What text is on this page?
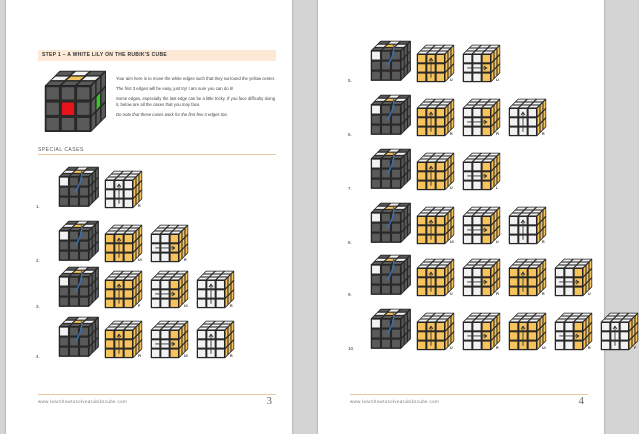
STEP 1 – A WHITE LILY ON THE RUBIK'S CUBE

Your aim here is to move the white edges such that they surround the yellow center.

The first 3 edges will be easy, just try! I am sure you can do it!

Some edges, especially the last edge can be a little tricky. If you face difficulty doing it, below are all the cases that you may face.

Do note that these cases work for the first few 3 edges too.

SPECIAL CASES
1.	R
2.	Ui	R
3.	F	Ui	R
4.	Fi	Ui	R
www.learnhowtosolvearubikscube.com	3
5.	U	Li
6.	R	Fi	R
7.	U	L
8.	Ui	U	R
9.	U	Fi	R	U
10.	U	R	Ui	R	F
www.learnhowtosolvearubikscube.com	4
